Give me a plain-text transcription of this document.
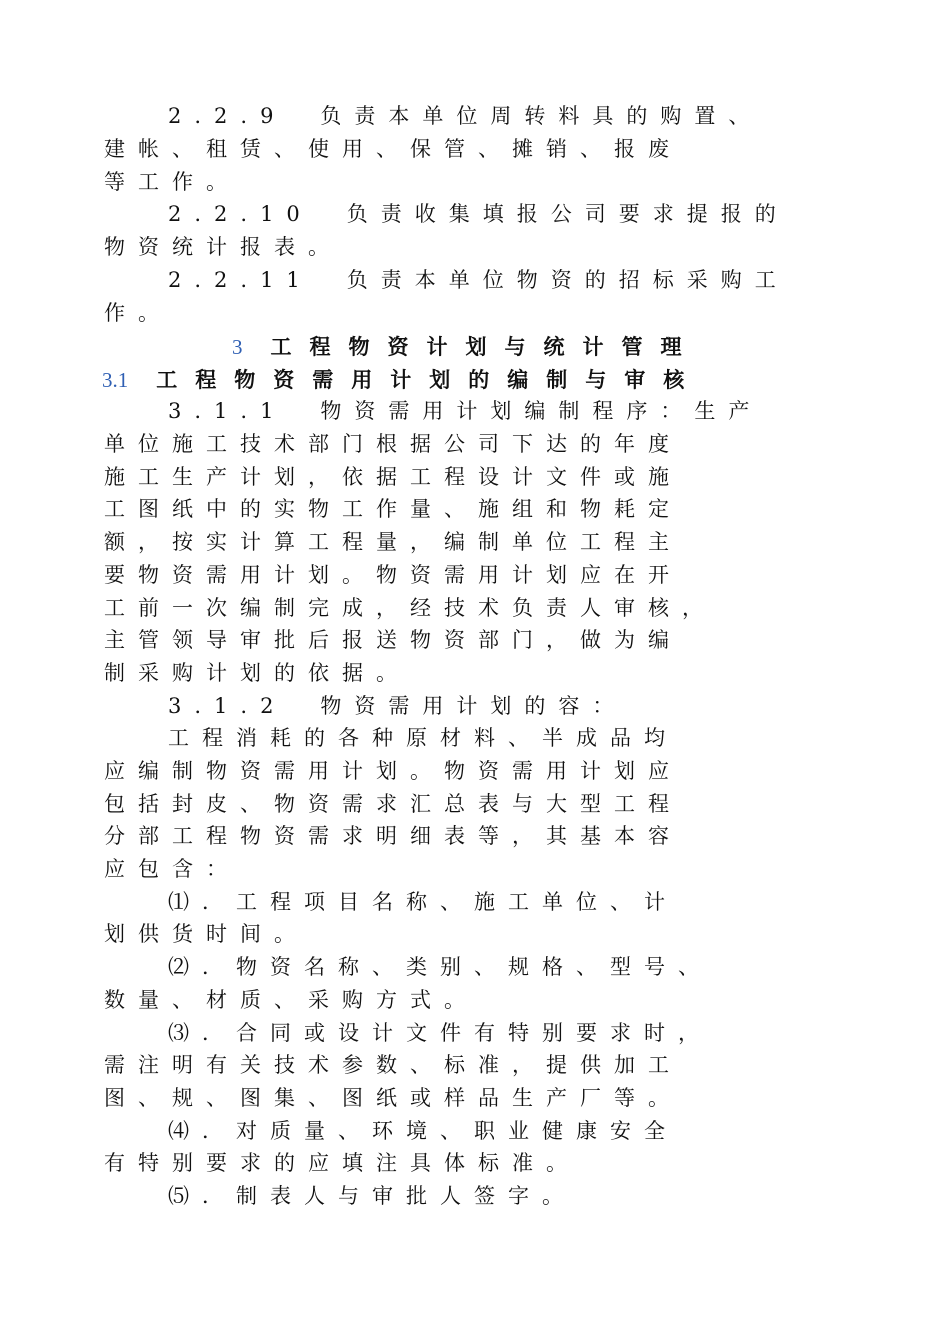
2.2.9　负责本单位周转料具的购置、
建帐、租赁、使用、保管、摊销、报废
等工作。
2.2.10　负责收集填报公司要求提报的
物资统计报表。
2.2.11　负责本单位物资的招标采购工
作。
3 工程物资计划与统计管理
3.1 工程物资需用计划的编制与审核
3.1.1　物资需用计划编制程序：生产
单位施工技术部门根据公司下达的年度
施工生产计划，依据工程设计文件或施
工图纸中的实物工作量、施组和物耗定
额，按实计算工程量，编制单位工程主
要物资需用计划。物资需用计划应在开
工前一次编制完成，经技术负责人审核，
主管领导审批后报送物资部门，做为编
制采购计划的依据。
3.1.2　物资需用计划的容：
工程消耗的各种原材料、半成品均
应编制物资需用计划。物资需用计划应
包括封皮、物资需求汇总表与大型工程
分部工程物资需求明细表等，其基本容
应包含：
⑴．工程项目名称、施工单位、计
划供货时间。
⑵．物资名称、类别、规格、型号、
数量、材质、采购方式。
⑶．合同或设计文件有特别要求时，
需注明有关技术参数、标准，提供加工
图、规、图集、图纸或样品生产厂等。
⑷．对质量、环境、职业健康安全
有特别要求的应填注具体标准。
⑸．制表人与审批人签字。
